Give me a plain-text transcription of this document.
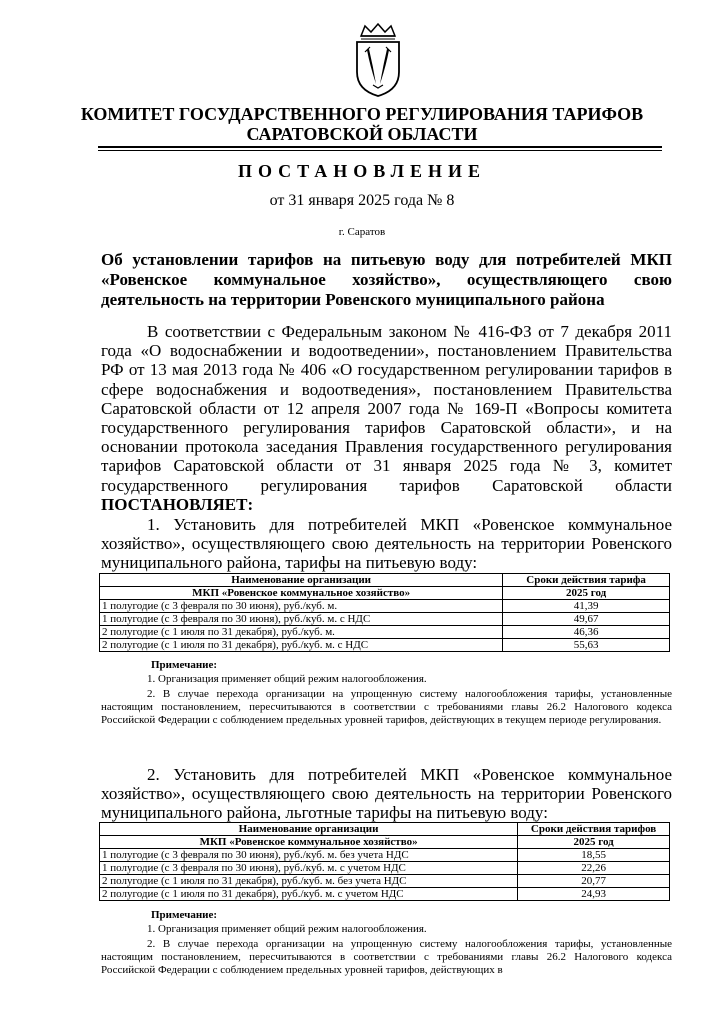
КОМИТЕТ ГОСУДАРСТВЕННОГО РЕГУЛИРОВАНИЯ ТАРИФОВ
САРАТОВСКОЙ ОБЛАСТИ
ПОСТАНОВЛЕНИЕ
от 31 января 2025 года № 8
г. Саратов
Об установлении тарифов на питьевую воду для потребителей МКП «Ровенское коммунальное хозяйство», осуществляющего свою деятельность на территории Ровенского муниципального района
В соответствии с Федеральным законом № 416-ФЗ от 7 декабря 2011 года «О водоснабжении и водоотведении», постановлением Правительства РФ от 13 мая 2013 года № 406 «О государственном регулировании тарифов в сфере водоснабжения и водоотведения», постановлением Правительства Саратовской области от 12 апреля 2007 года № 169-П «Вопросы комитета государственного регулирования тарифов Саратовской области», и на основании протокола заседания Правления государственного регулирования тарифов Саратовской области от 31 января 2025 года № 3, комитет государственного регулирования тарифов Саратовской области ПОСТАНОВЛЯЕТ:
1. Установить для потребителей МКП «Ровенское коммунальное хозяйство», осуществляющего свою деятельность на территории Ровенского муниципального района, тарифы на питьевую воду:
Наименование организации	Сроки действия тарифа
МКП «Ровенское коммунальное хозяйство»	2025 год
1 полугодие (с 3 февраля по 30 июня), руб./куб. м.	41,39
1 полугодие (с 3 февраля по 30 июня), руб./куб. м. с НДС	49,67
2 полугодие (с 1 июля по 31 декабря), руб./куб. м.	46,36
2 полугодие (с 1 июля по 31 декабря), руб./куб. м. с НДС	55,63
Примечание:
1. Организация применяет общий режим налогообложения.
2. В случае перехода организации на упрощенную систему налогообложения тарифы, установленные настоящим постановлением, пересчитываются в соответствии с требованиями главы 26.2 Налогового кодекса Российской Федерации с соблюдением предельных уровней тарифов, действующих в текущем периоде регулирования.
2. Установить для потребителей МКП «Ровенское коммунальное хозяйство», осуществляющего свою деятельность на территории Ровенского муниципального района, льготные тарифы на питьевую воду:
Наименование организации	Сроки действия тарифов
МКП «Ровенское коммунальное хозяйство»	2025 год
1 полугодие (с 3 февраля по 30 июня), руб./куб. м. без учета НДС	18,55
1 полугодие (с 3 февраля по 30 июня), руб./куб. м. с учетом НДС	22,26
2 полугодие (с 1 июля по 31 декабря), руб./куб. м. без учета НДС	20,77
2 полугодие (с 1 июля по 31 декабря), руб./куб. м. с учетом НДС	24,93
Примечание:
1. Организация применяет общий режим налогообложения.
2. В случае перехода организации на упрощенную систему налогообложения тарифы, установленные настоящим постановлением, пересчитываются в соответствии с требованиями главы 26.2 Налогового кодекса Российской Федерации с соблюдением предельных уровней тарифов, действующих в
